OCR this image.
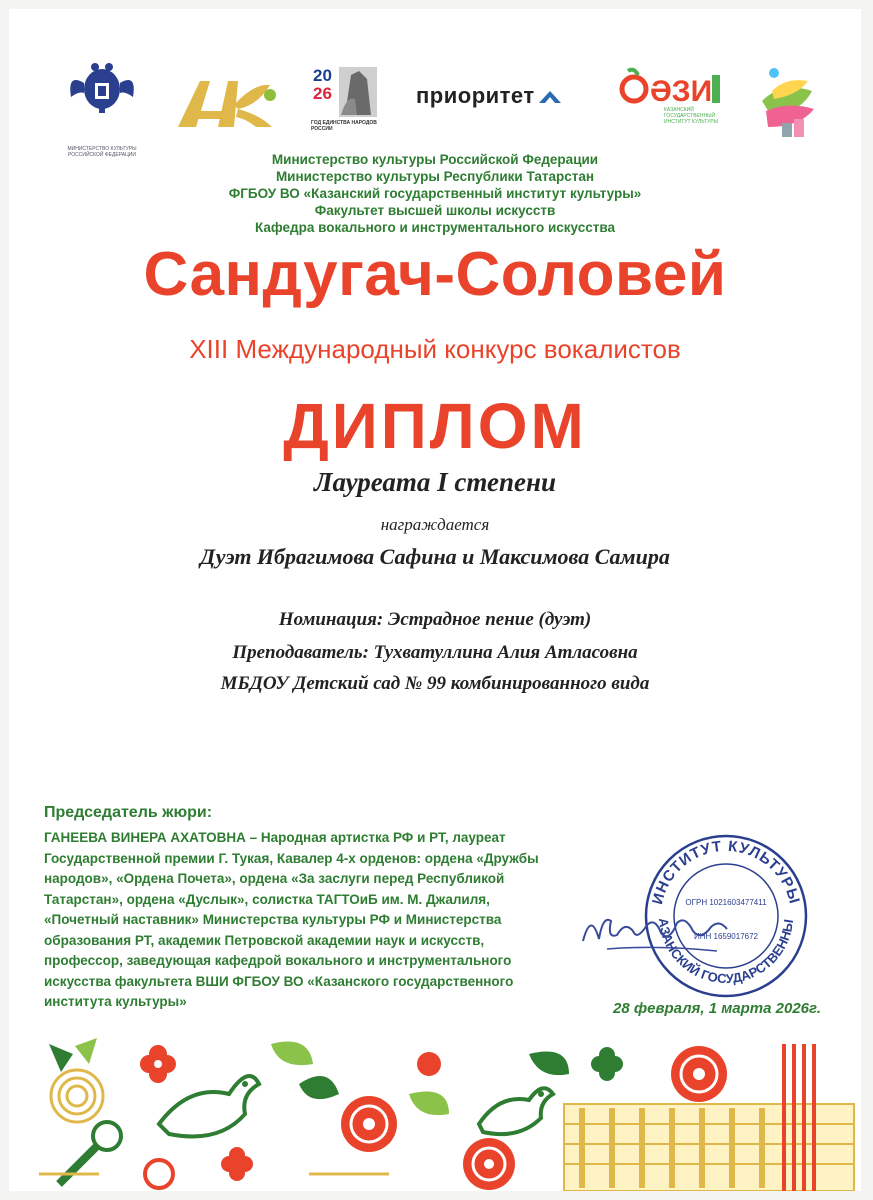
МИНИСТЕРСТВО КУЛЬТУРЫ РОССИЙСКОЙ ФЕДЕРАЦИИ
20
26
ГОД ЕДИНСТВА НАРОДОВ РОССИИ
приоритет	ӘЗИ
КАЗАНСКИЙ ГОСУДАРСТВЕННЫЙ ИНСТИТУТ КУЛЬТУРЫ
Министерство культуры Российской Федерации
Министерство культуры Республики Татарстан
ФГБОУ ВО «Казанский государственный институт культуры»
Факультет высшей школы искусств
Кафедра вокального и инструментального искусства
Сандугач-Соловей
XIII Международный конкурс вокалистов
ДИПЛОМ
Лауреата I степени
награждается
Дуэт Ибрагимова Сафина и Максимова Самира
Номинация: Эстрадное пение (дуэт)
Преподаватель: Тухватуллина Алия Атласовна
МБДОУ Детский сад № 99 комбинированного вида
Председатель жюри:
ГАНЕЕВА ВИНЕРА АХАТОВНА – Народная артистка РФ и РТ, лауреат
Государственной премии Г. Тукая, Кавалер 4-х орденов: ордена «Дружбы
народов», «Ордена Почета», ордена «За заслуги перед Республикой
Татарстан», ордена «Дуслык», солистка ТАГТОиБ им. М. Джалиля,
«Почетный наставник» Министерства культуры РФ и Министерства
образования РТ, академик Петровской академии наук и искусств,
профессор, заведующая кафедрой вокального и инструментального
искусства факультета ВШИ ФГБОУ ВО «Казанского государственного
института культуры»
ИНСТИТУТ КУЛЬТУРЫ
АЗАНСКИЙ ГОСУДАРСТВЕННЫ
ОГРН 1021603477411
ИНН 1659017672
28 февраля, 1 марта 2026г.
